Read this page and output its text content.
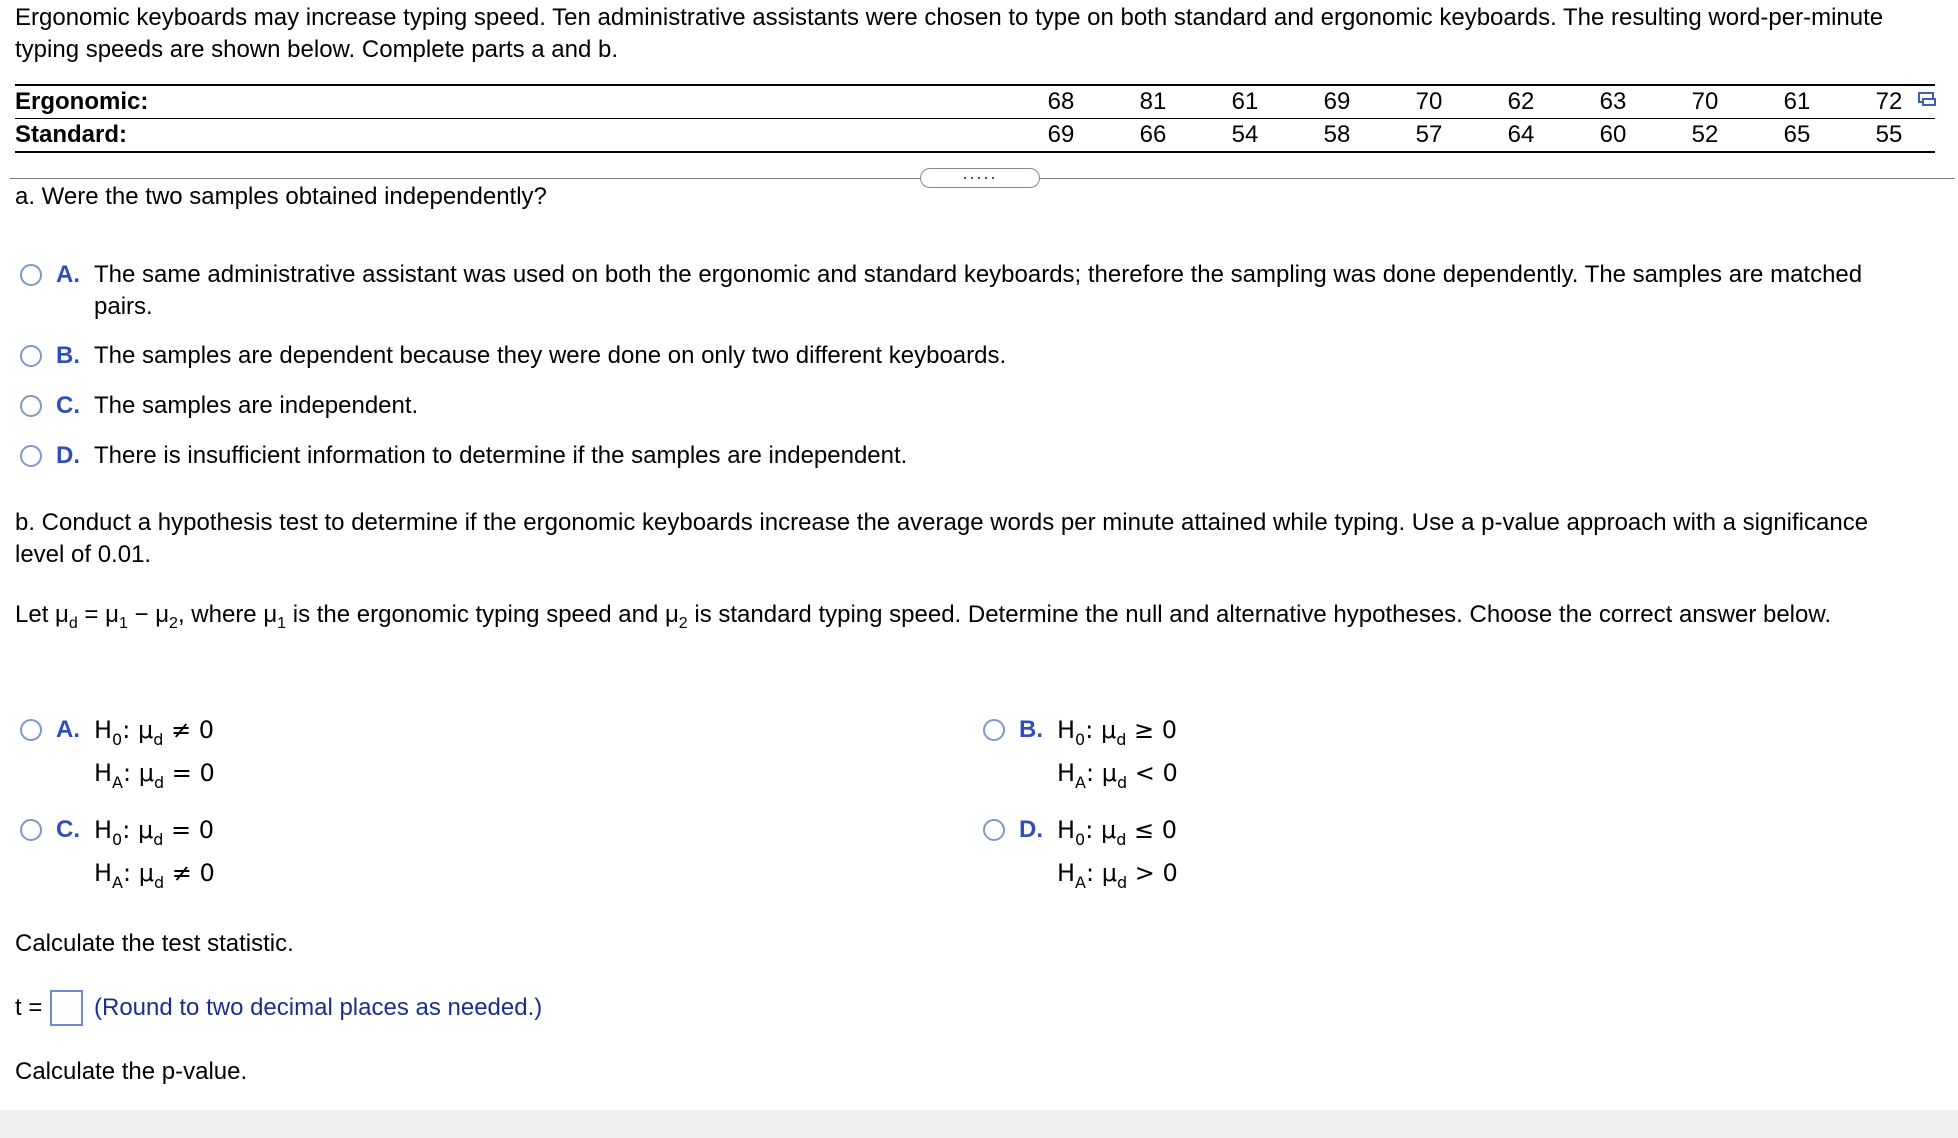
Ergonomic keyboards may increase typing speed. Ten administrative assistants were chosen to type on both standard and ergonomic keyboards. The resulting word-per-minute typing speeds are shown below. Complete parts a and b.

Ergonomic:	68	81	61	69	70	62	63	70	61	72
Standard:	69	66	54	58	57	64	60	52	65	55
.....

a. Were the two samples obtained independently?

A. The same administrative assistant was used on both the ergonomic and standard keyboards; therefore the sampling was done dependently. The samples are matched pairs.
B. The samples are dependent because they were done on only two different keyboards.
C. The samples are independent.
D. There is insufficient information to determine if the samples are independent.

b. Conduct a hypothesis test to determine if the ergonomic keyboards increase the average words per minute attained while typing. Use a p-value approach with a significance level of 0.01.

Let $\mu_d = \mu_1 - \mu_2$, where $\mu_1$ is the ergonomic typing speed and $\mu_2$ is standard typing speed. Determine the null and alternative hypotheses. Choose the correct answer below.

A. $H_0$: $\mu_d \ne 0$
$H_A$: $\mu_d = 0$
B. $H_0$: $\mu_d \ge 0$
$H_A$: $\mu_d < 0$
C. $H_0$: $\mu_d = 0$
$H_A$: $\mu_d \ne 0$
D. $H_0$: $\mu_d \le 0$
$H_A$: $\mu_d > 0$

Calculate the test statistic.

t = (Round to two decimal places as needed.)

Calculate the p-value.
